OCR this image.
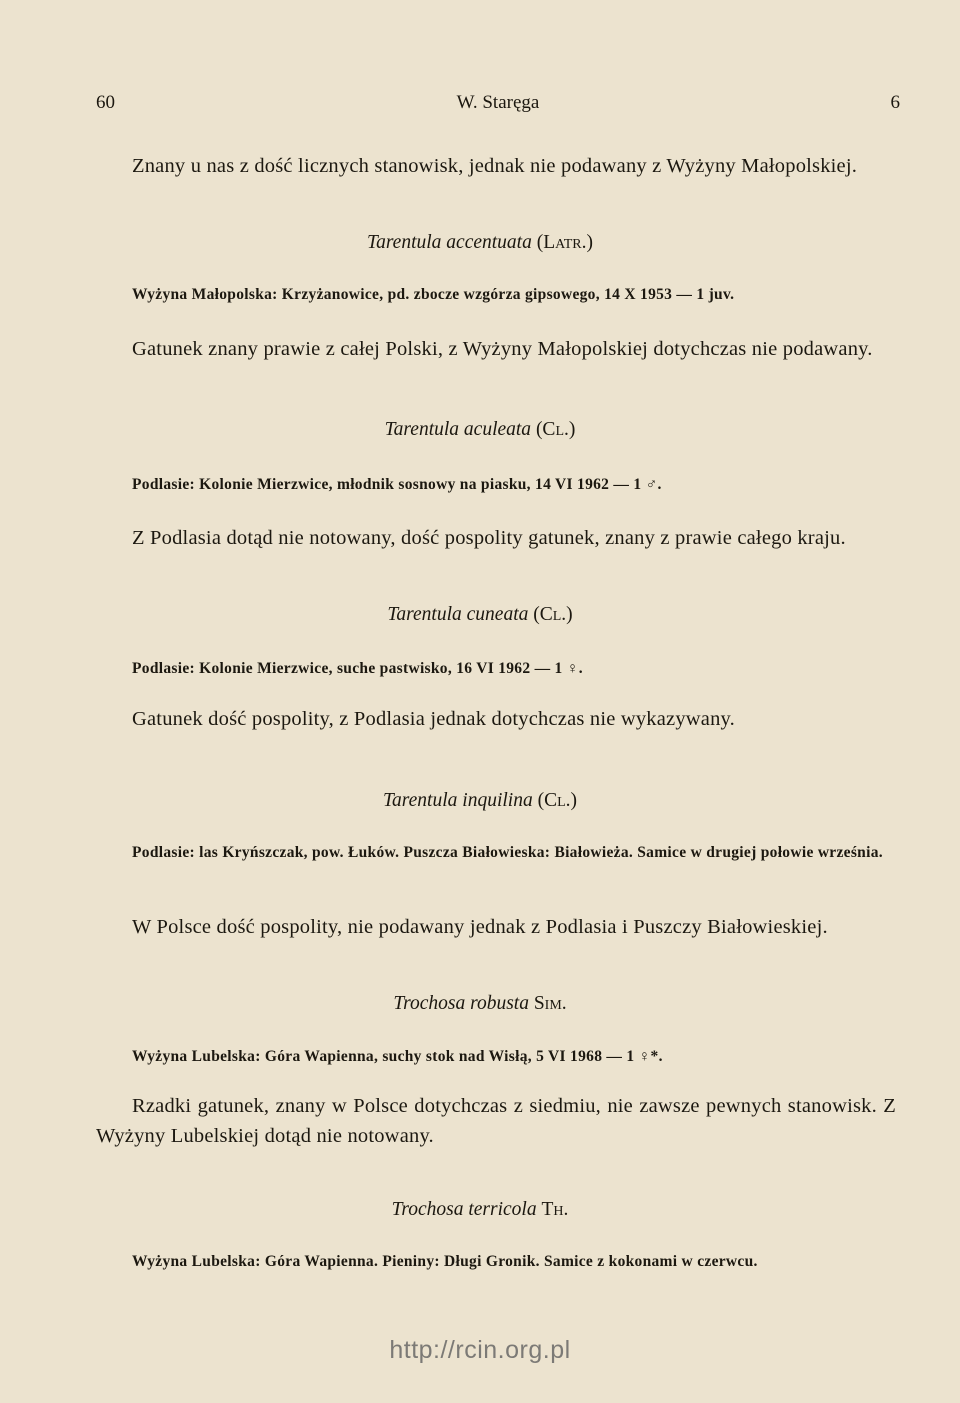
60	W. Staręga	6

Znany u nas z dość licznych stanowisk, jednak nie podawany z Wyżyny Małopolskiej.

Tarentula accentuata (Latr.)

Wyżyna Małopolska: Krzyżanowice, pd. zbocze wzgórza gipsowego, 14 X 1953 — 1 juv.

Gatunek znany prawie z całej Polski, z Wyżyny Małopolskiej dotychczas nie podawany.

Tarentula aculeata (Cl.)

Podlasie: Kolonie Mierzwice, młodnik sosnowy na piasku, 14 VI 1962 — 1 ♂.

Z Podlasia dotąd nie notowany, dość pospolity gatunek, znany z prawie całego kraju.

Tarentula cuneata (Cl.)

Podlasie: Kolonie Mierzwice, suche pastwisko, 16 VI 1962 — 1 ♀.

Gatunek dość pospolity, z Podlasia jednak dotychczas nie wykazywany.

Tarentula inquilina (Cl.)

Podlasie: las Kryńszczak, pow. Łuków. Puszcza Białowieska: Białowieża. Samice w drugiej połowie września.

W Polsce dość pospolity, nie podawany jednak z Podlasia i Puszczy Białowieskiej.

Trochosa robusta Sim.

Wyżyna Lubelska: Góra Wapienna, suchy stok nad Wisłą, 5 VI 1968 — 1 ♀*.

Rzadki gatunek, znany w Polsce dotychczas z siedmiu, nie zawsze pewnych stanowisk. Z Wyżyny Lubelskiej dotąd nie notowany.

Trochosa terricola Th.

Wyżyna Lubelska: Góra Wapienna. Pieniny: Długi Gronik. Samice z kokonami w czerwcu.

http://rcin.org.pl
